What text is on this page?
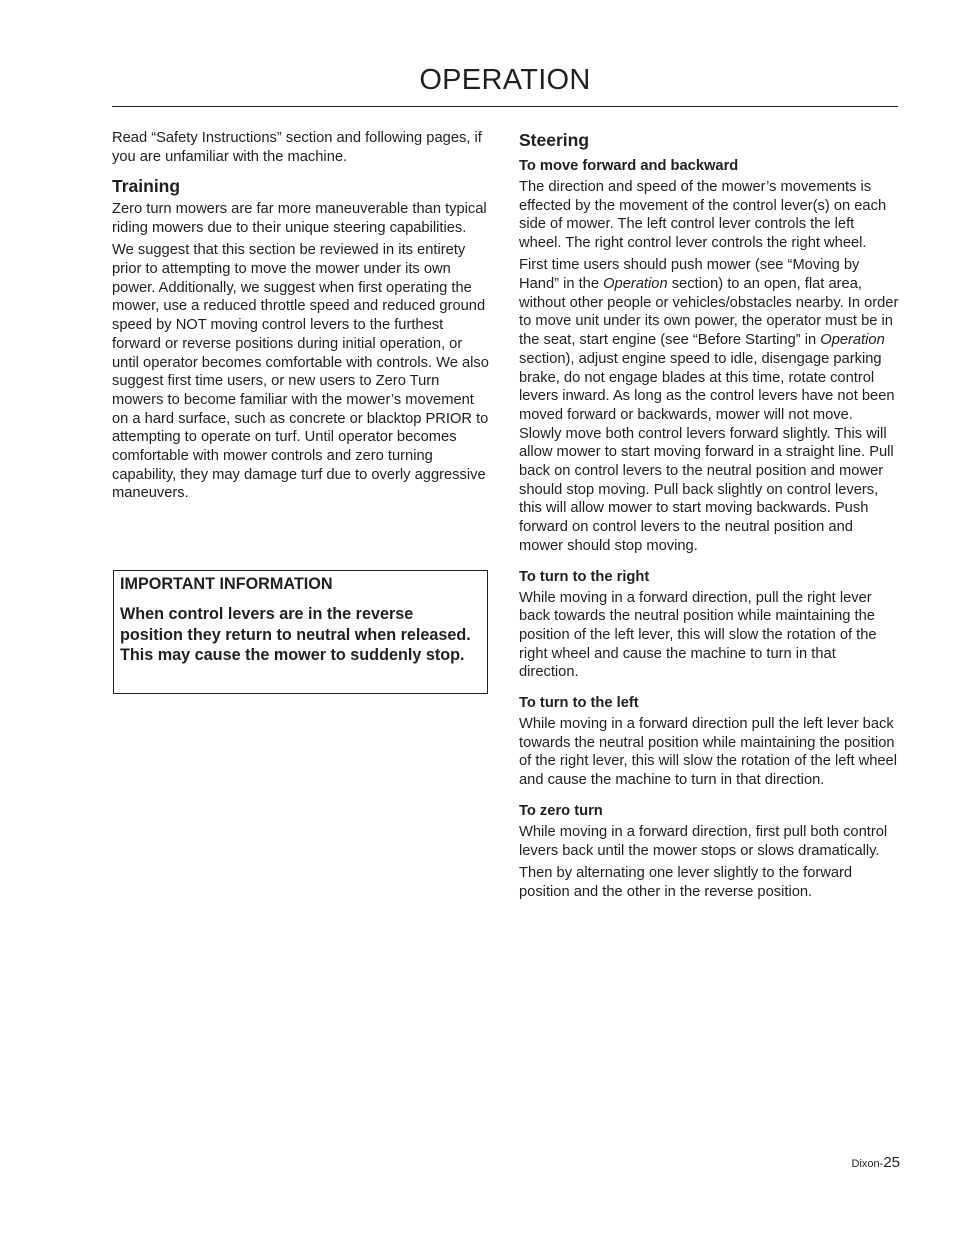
OPERATION

Read “Safety Instructions” section and following pages, if you are unfamiliar with the machine.

Training

Zero turn mowers are far more maneuverable than typical riding mowers due to their unique steering capabilities.

We suggest that this section be reviewed in its entirety prior to attempting to move the mower under its own power. Additionally, we suggest when first operating the mower, use a reduced throttle speed and reduced ground speed by NOT moving control levers to the furthest forward or reverse positions during initial operation, or until operator becomes comfortable with controls. We also suggest first time users, or new users to Zero Turn mowers to become familiar with the mower’s movement on a hard surface, such as concrete or blacktop PRIOR to attempting to operate on turf. Until operator becomes comfortable with mower controls and zero turning capability, they may damage turf due to overly aggressive maneuvers.

IMPORTANT INFORMATION
When control levers are in the reverse position they return to neutral when released. This may cause the mower to suddenly stop.
Steering
To move forward and backward

The direction and speed of the mower’s movements is effected by the movement of the control lever(s) on each side of mower. The left control lever controls the left wheel. The right control lever controls the right wheel.

First time users should push mower (see “Moving by Hand” in the Operation section) to an open, flat area, without other people or vehicles/obstacles nearby. In order to move unit under its own power, the operator must be in the seat, start engine (see “Before Starting” in Operation section), adjust engine speed to idle, disengage parking brake, do not engage blades at this time, rotate control levers inward. As long as the control levers have not been moved forward or backwards, mower will not move. Slowly move both control levers forward slightly. This will allow mower to start moving forward in a straight line. Pull back on control levers to the neutral position and mower should stop moving. Pull back slightly on control levers, this will allow mower to start moving backwards. Push forward on control levers to the neutral position and mower should stop moving.

To turn to the right

While moving in a forward direction, pull the right lever back towards the neutral position while maintaining the position of the left lever, this will slow the rotation of the right wheel and cause the machine to turn in that direction.

To turn to the left

While moving in a forward direction pull the left lever back towards the neutral position while maintaining the position of the right lever, this will slow the rotation of the left wheel and cause the machine to turn in that direction.

To zero turn

While moving in a forward direction, first pull both control levers back until the mower stops or slows dramatically.

Then by alternating one lever slightly to the forward position and the other in the reverse position.

Dixon-25
